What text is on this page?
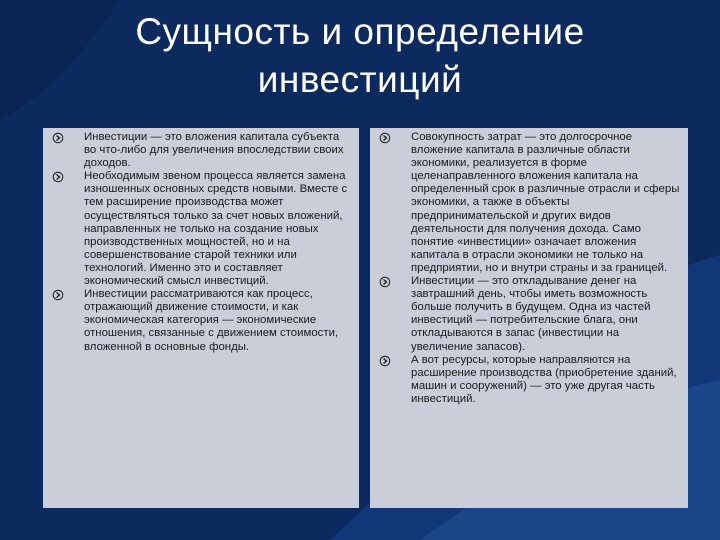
Сущность и определение инвестиций
Инвестиции — это вложения капитала субъекта во что-либо для увеличения впоследствии своих доходов.
Необходимым звеном процесса является замена изношенных основных средств новыми. Вместе с тем расширение производства может осуществляться только за счет новых вложений, направленных не только на создание новых производственных мощностей, но и на совершенствование старой техники или технологий. Именно это и составляет экономический смысл инвестиций.
Инвестиции рассматриваются как процесс, отражающий движение стоимости, и как экономическая категория — экономические отношения, связанные с движением стоимости, вложенной в основные фонды.
Совокупность затрат — это долгосрочное вложение капитала в различные области экономики, реализуется в форме целенаправленного вложения капитала на определенный срок в различные отрасли и сферы экономики, а также в объекты предпринимательской и других видов деятельности для получения дохода. Само понятие «инвестиции» означает вложения капитала в отрасли экономики не только на предприятии, но и внутри страны и за границей.
Инвестиции — это откладывание денег на завтрашний день, чтобы иметь возможность больше получить в будущем. Одна из частей инвестиций — потребительские блага, они откладываются в запас (инвестиции на увеличение запасов).
А вот ресурсы, которые направляются на расширение производства (приобретение зданий, машин и сооружений) — это уже другая часть инвестиций.
